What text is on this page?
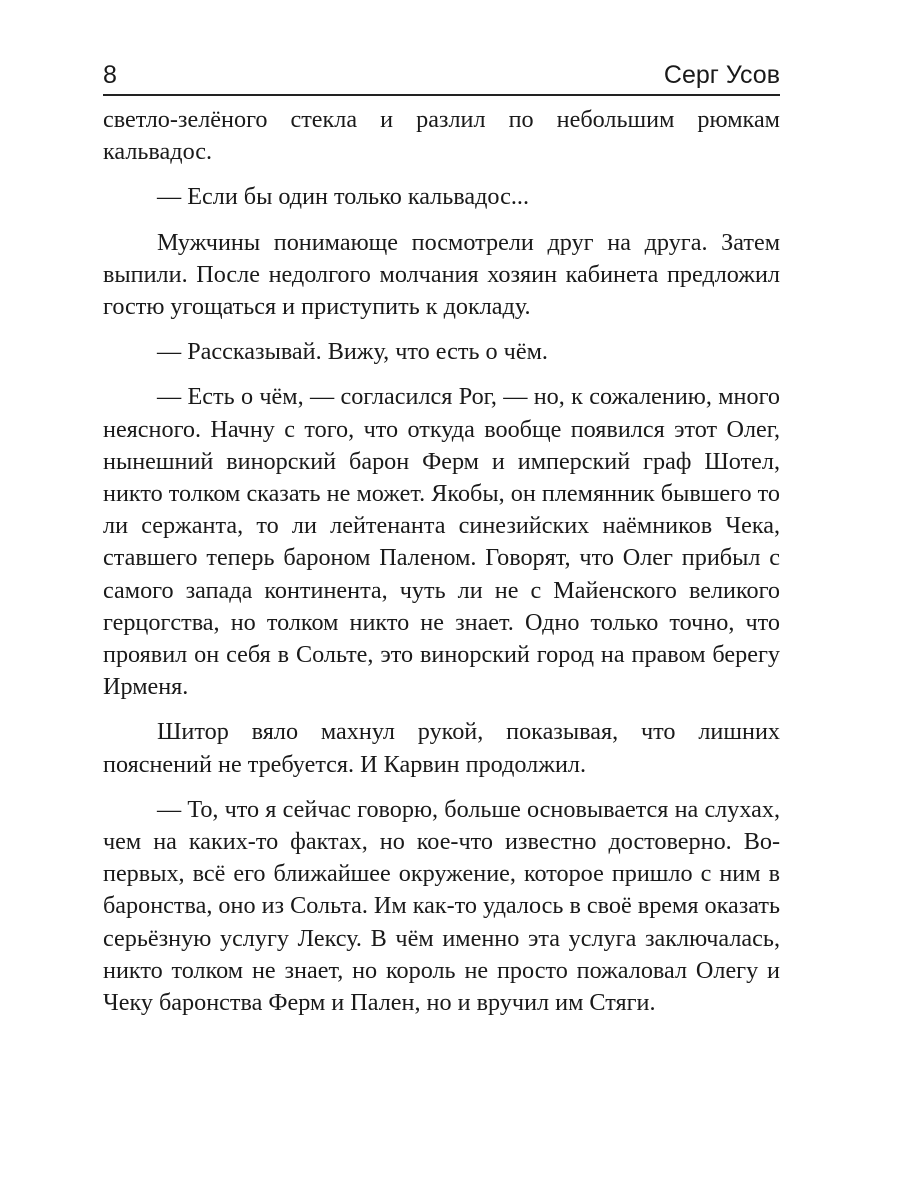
8	Серг Усов

светло-зелёного стекла и разлил по небольшим рюмкам кальвадос.

— Если бы один только кальвадос...

Мужчины понимающе посмотрели друг на друга. Затем выпили. После недолгого молчания хозяин кабинета предложил гостю угощаться и приступить к докладу.

— Рассказывай. Вижу, что есть о чём.

— Есть о чём, — согласился Рог, — но, к сожалению, много неясного. Начну с того, что откуда вообще появился этот Олег, нынешний винорский барон Ферм и имперский граф Шотел, никто толком сказать не может. Якобы, он племянник бывшего то ли сержанта, то ли лейтенанта синезийских наёмников Чека, ставшего теперь бароном Паленом. Говорят, что Олег прибыл с самого запада континента, чуть ли не с Майенского великого герцогства, но толком никто не знает. Одно только точно, что проявил он себя в Сольте, это винорский город на правом берегу Ирменя.

Шитор вяло махнул рукой, показывая, что лишних пояснений не требуется. И Карвин продолжил.

— То, что я сейчас говорю, больше основывается на слухах, чем на каких-то фактах, но кое-что известно достоверно. Во-первых, всё его ближайшее окружение, которое пришло с ним в баронства, оно из Сольта. Им как-то удалось в своё время оказать серьёзную услугу Лексу. В чём именно эта услуга заключалась, никто толком не знает, но король не просто пожаловал Олегу и Чеку баронства Ферм и Пален, но и вручил им Стяги.
